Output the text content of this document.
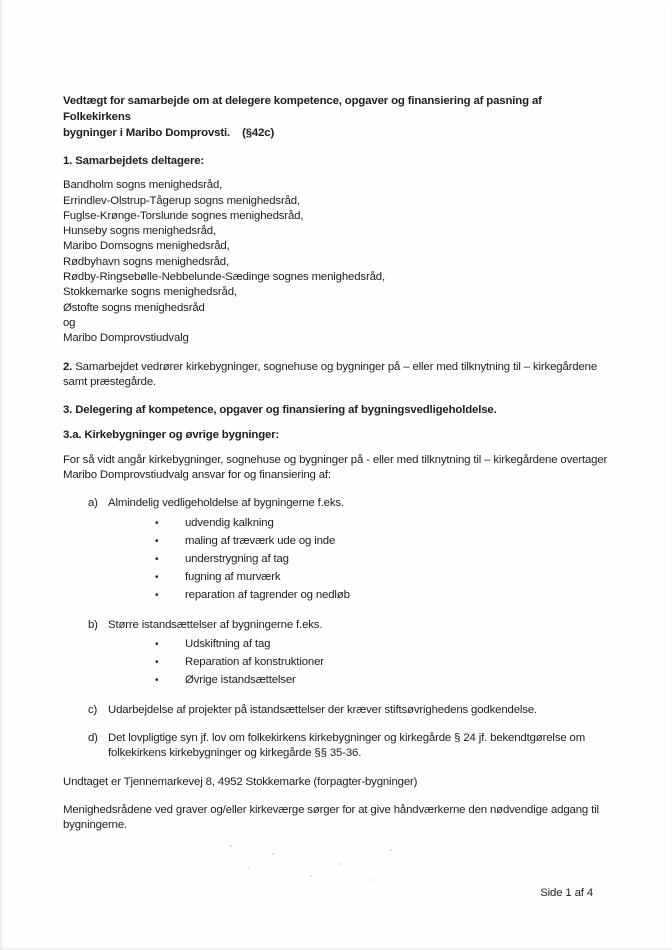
Vedtægt for samarbejde om at delegere kompetence, opgaver og finansiering af pasning af Folkekirkens
bygninger i Maribo Domprovsti.    (§42c)

1. Samarbejdets deltagere:

Bandholm sogns menighedsråd,
Errindlev-Olstrup-Tågerup sogns menighedsråd,
Fuglse-Krønge-Torslunde sognes menighedsråd,
Hunseby sogns menighedsråd,
Maribo Domsogns menighedsråd,
Rødbyhavn sogns menighedsråd,
Rødby-Ringsebølle-Nebbelunde-Sædinge sognes menighedsråd,
Stokkemarke sogns menighedsråd,
Østofte sogns menighedsråd
og
Maribo Domprovstiudvalg

2. Samarbejdet vedrører kirkebygninger, sognehuse og bygninger på – eller med tilknytning til – kirkegårdene samt præstegårde.

3. Delegering af kompetence, opgaver og finansiering af bygningsvedligeholdelse.

3.a. Kirkebygninger og øvrige bygninger:

For så vidt angår kirkebygninger, sognehuse og bygninger på - eller med tilknytning til – kirkegårdene overtager Maribo Domprovstiudvalg ansvar for og finansiering af:

a) Almindelig vedligeholdelse af bygningerne f.eks.
•	udvendig kalkning
•	maling af træværk ude og inde
•	understrygning af tag
•	fugning af murværk
•	reparation af tagrender og nedløb
b) Større istandsættelser af bygningerne f.eks.
•	Udskiftning af tag
•	Reparation af konstruktioner
•	Øvrige istandsættelser
c) Udarbejdelse af projekter på istandsættelser der kræver stiftsøvrighedens godkendelse.
d) Det lovpligtige syn jf. lov om folkekirkens kirkebygninger og kirkegårde § 24 jf. bekendtgørelse om folkekirkens kirkebygninger og kirkegårde §§ 35-36.

Undtaget er Tjennemarkevej 8, 4952 Stokkemarke (forpagter-bygninger)

Menighedsrådene ved graver og/eller kirkeværge sørger for at give håndværkerne den nødvendige adgang til bygningerne.

Side 1 af 4
